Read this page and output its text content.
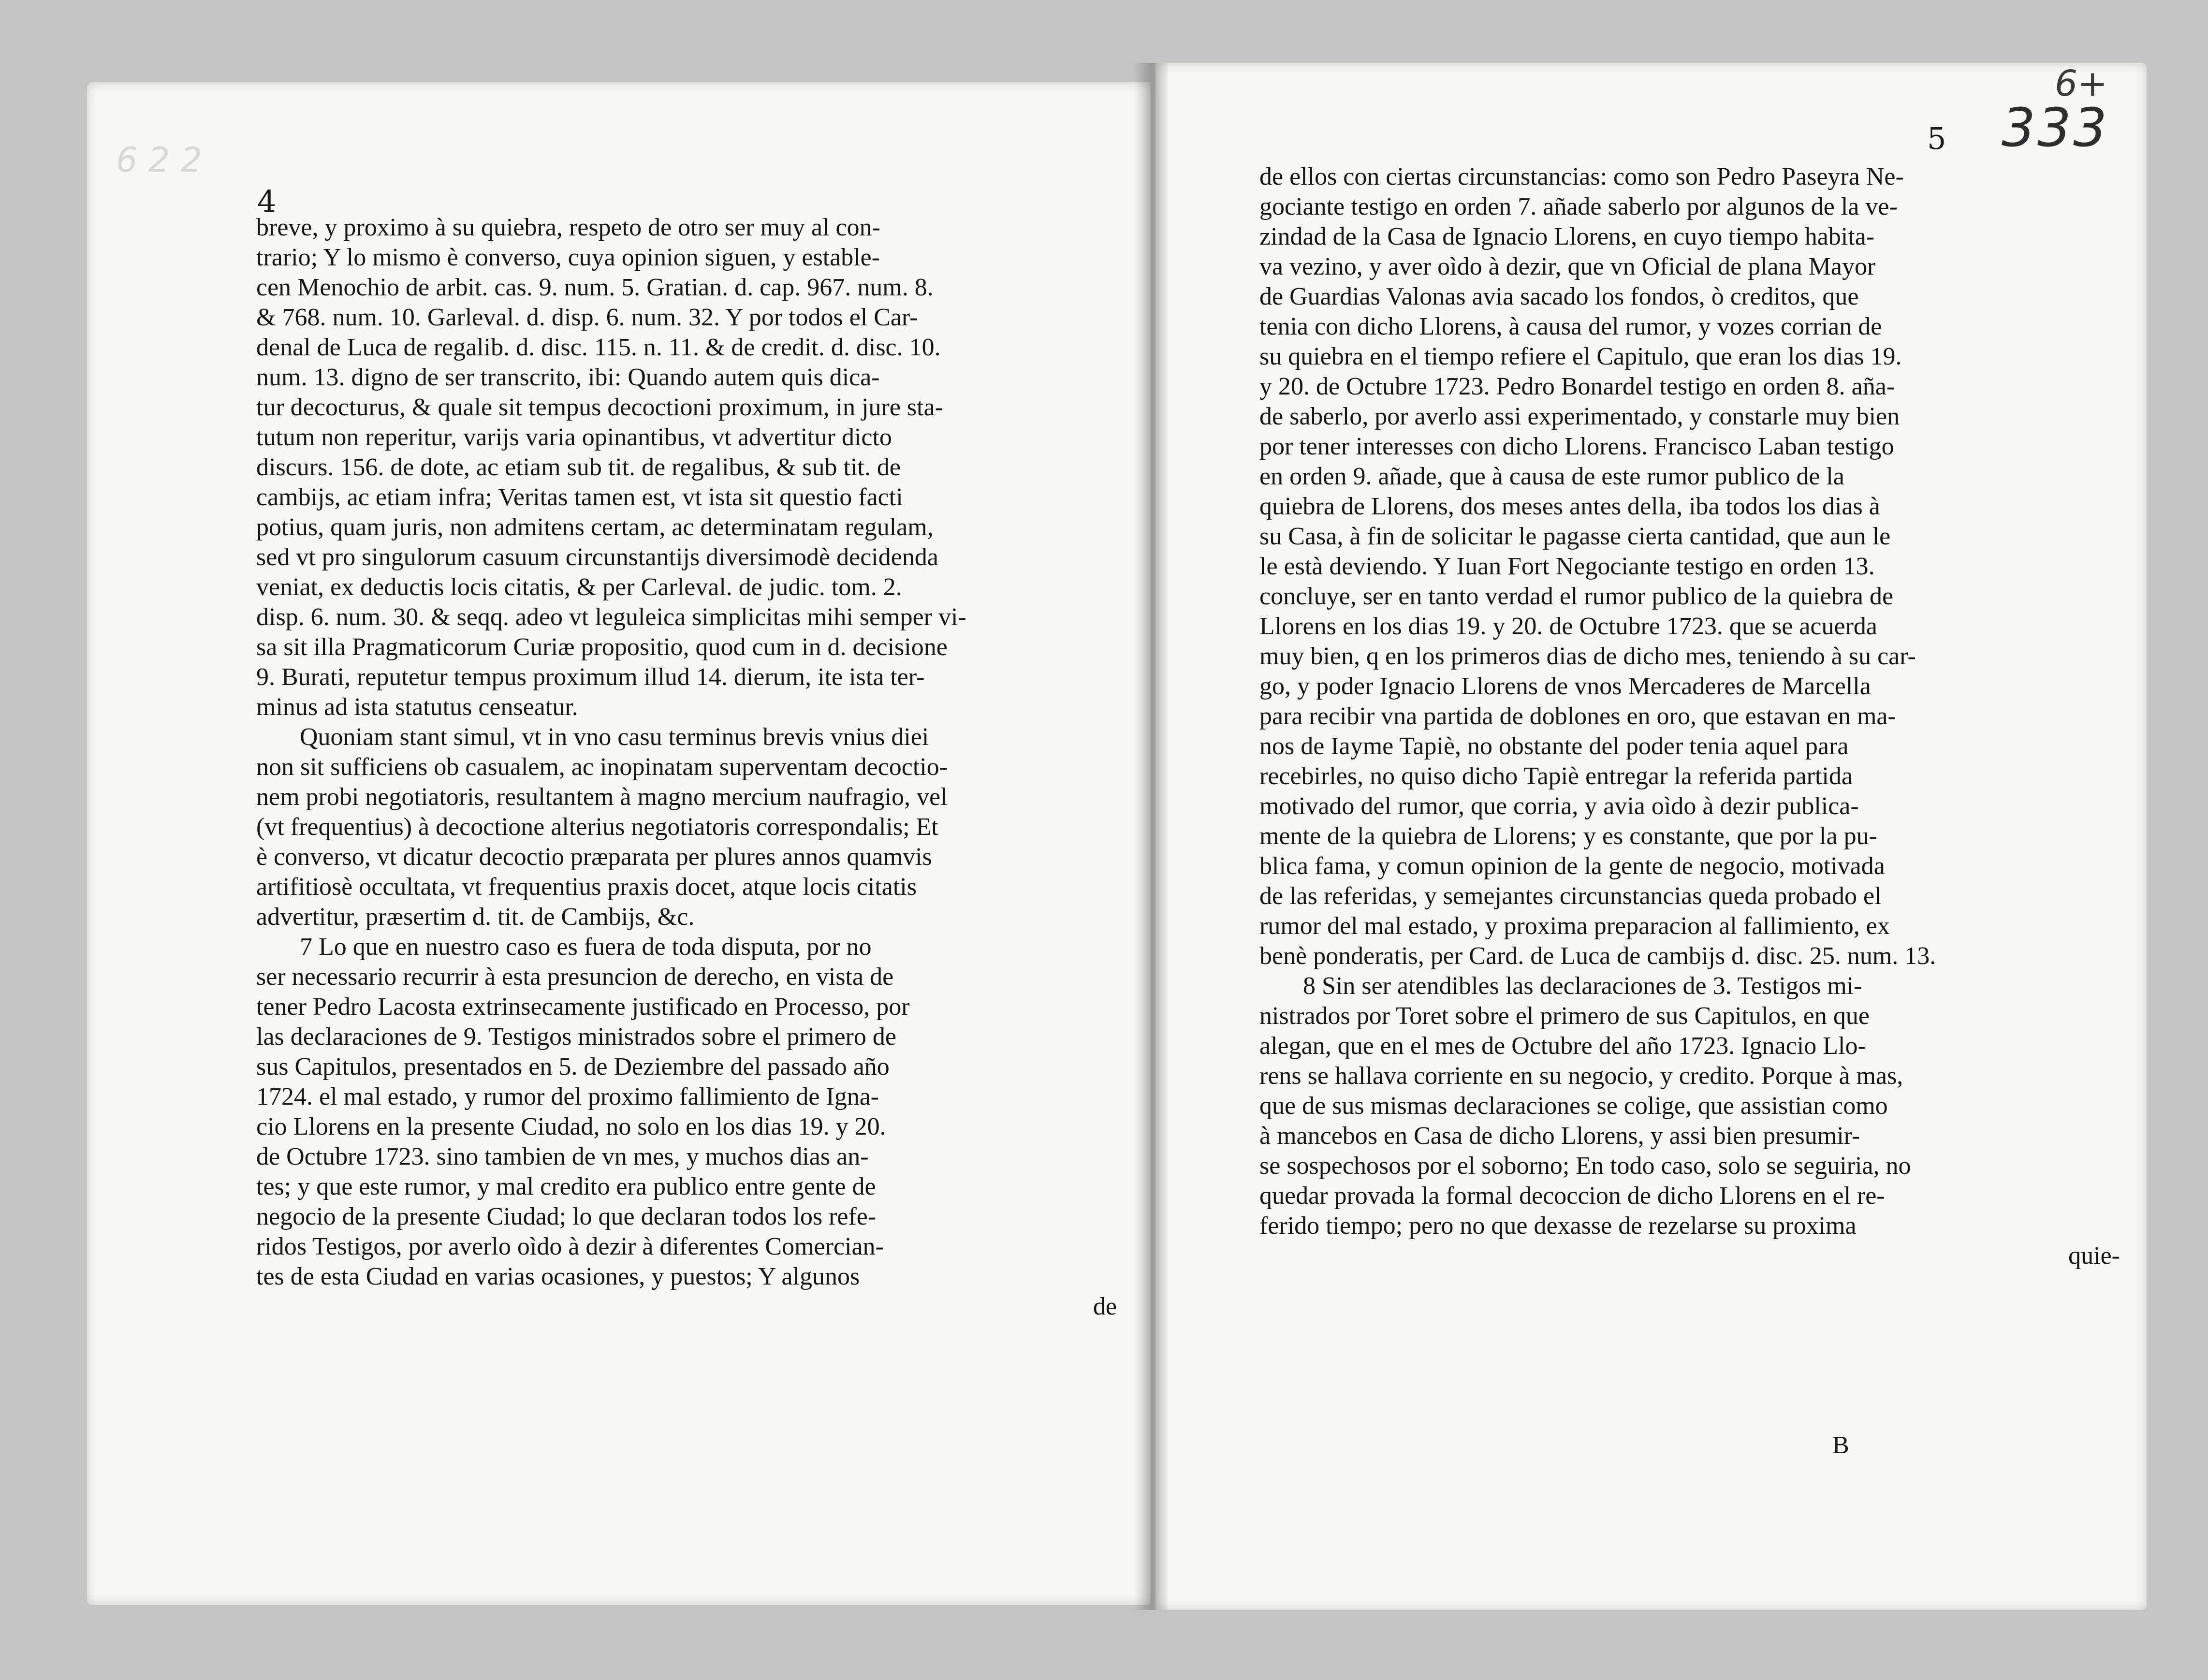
6 2 2
4
breve, y proximo à su quiebra, respeto de otro ser muy al con-
trario; Y lo mismo è converso, cuya opinion siguen, y estable-
cen Menochio de arbit. cas. 9. num. 5. Gratian. d. cap. 967. num. 8.
& 768. num. 10. Garleval. d. disp. 6. num. 32. Y por todos el Car-
denal de Luca de regalib. d. disc. 115. n. 11. & de credit. d. disc. 10.
num. 13. digno de ser transcrito, ibi: Quando autem quis dica-
tur decocturus, & quale sit tempus decoctioni proximum, in jure sta-
tutum non reperitur, varijs varia opinantibus, vt advertitur dicto
discurs. 156. de dote, ac etiam sub tit. de regalibus, & sub tit. de
cambijs, ac etiam infra; Veritas tamen est, vt ista sit questio facti
potius, quam juris, non admitens certam, ac determinatam regulam,
sed vt pro singulorum casuum circunstantijs diversimodè decidenda
veniat, ex deductis locis citatis, & per Carleval. de judic. tom. 2.
disp. 6. num. 30. & seqq. adeo vt leguleica simplicitas mihi semper vi-
sa sit illa Pragmaticorum Curiæ propositio, quod cum in d. decisione
9. Burati, reputetur tempus proximum illud 14. dierum, ite ista ter-
minus ad ista statutus censeatur.
Quoniam stant simul, vt in vno casu terminus brevis vnius diei
non sit sufficiens ob casualem, ac inopinatam superventam decoctio-
nem probi negotiatoris, resultantem à magno mercium naufragio, vel
(vt frequentius) à decoctione alterius negotiatoris correspondalis; Et
è converso, vt dicatur decoctio præparata per plures annos quamvis
artifitiosè occultata, vt frequentius praxis docet, atque locis citatis
advertitur, præsertim d. tit. de Cambijs, &c.
7 Lo que en nuestro caso es fuera de toda disputa, por no
ser necessario recurrir à esta presuncion de derecho, en vista de
tener Pedro Lacosta extrinsecamente justificado en Processo, por
las declaraciones de 9. Testigos ministrados sobre el primero de
sus Capitulos, presentados en 5. de Deziembre del passado año
1724. el mal estado, y rumor del proximo fallimiento de Igna-
cio Llorens en la presente Ciudad, no solo en los dias 19. y 20.
de Octubre 1723. sino tambien de vn mes, y muchos dias an-
tes; y que este rumor, y mal credito era publico entre gente de
negocio de la presente Ciudad; lo que declaran todos los refe-
ridos Testigos, por averlo oìdo à dezir à diferentes Comercian-
tes de esta Ciudad en varias ocasiones, y puestos; Y algunos
de
6+
333
5
de ellos con ciertas circunstancias: como son Pedro Paseyra Ne-
gociante testigo en orden 7. añade saberlo por algunos de la ve-
zindad de la Casa de Ignacio Llorens, en cuyo tiempo habita-
va vezino, y aver oìdo à dezir, que vn Oficial de plana Mayor
de Guardias Valonas avia sacado los fondos, ò creditos, que
tenia con dicho Llorens, à causa del rumor, y vozes corrian de
su quiebra en el tiempo refiere el Capitulo, que eran los dias 19.
y 20. de Octubre 1723. Pedro Bonardel testigo en orden 8. aña-
de saberlo, por averlo assi experimentado, y constarle muy bien
por tener interesses con dicho Llorens. Francisco Laban testigo
en orden 9. añade, que à causa de este rumor publico de la
quiebra de Llorens, dos meses antes della, iba todos los dias à
su Casa, à fin de solicitar le pagasse cierta cantidad, que aun le
le està deviendo. Y Iuan Fort Negociante testigo en orden 13.
concluye, ser en tanto verdad el rumor publico de la quiebra de
Llorens en los dias 19. y 20. de Octubre 1723. que se acuerda
muy bien, q en los primeros dias de dicho mes, teniendo à su car-
go, y poder Ignacio Llorens de vnos Mercaderes de Marcella
para recibir vna partida de doblones en oro, que estavan en ma-
nos de Iayme Tapiè, no obstante del poder tenia aquel para
recebirles, no quiso dicho Tapiè entregar la referida partida
motivado del rumor, que corria, y avia oìdo à dezir publica-
mente de la quiebra de Llorens; y es constante, que por la pu-
blica fama, y comun opinion de la gente de negocio, motivada
de las referidas, y semejantes circunstancias queda probado el
rumor del mal estado, y proxima preparacion al fallimiento, ex
benè ponderatis, per Card. de Luca de cambijs d. disc. 25. num. 13.
8 Sin ser atendibles las declaraciones de 3. Testigos mi-
nistrados por Toret sobre el primero de sus Capitulos, en que
alegan, que en el mes de Octubre del año 1723. Ignacio Llo-
rens se hallava corriente en su negocio, y credito. Porque à mas,
que de sus mismas declaraciones se colige, que assistian como
à mancebos en Casa de dicho Llorens, y assi bien presumir-
se sospechosos por el soborno; En todo caso, solo se seguiria, no
quedar provada la formal decoccion de dicho Llorens en el re-
ferido tiempo; pero no que dexasse de rezelarse su proxima
quie-
B
